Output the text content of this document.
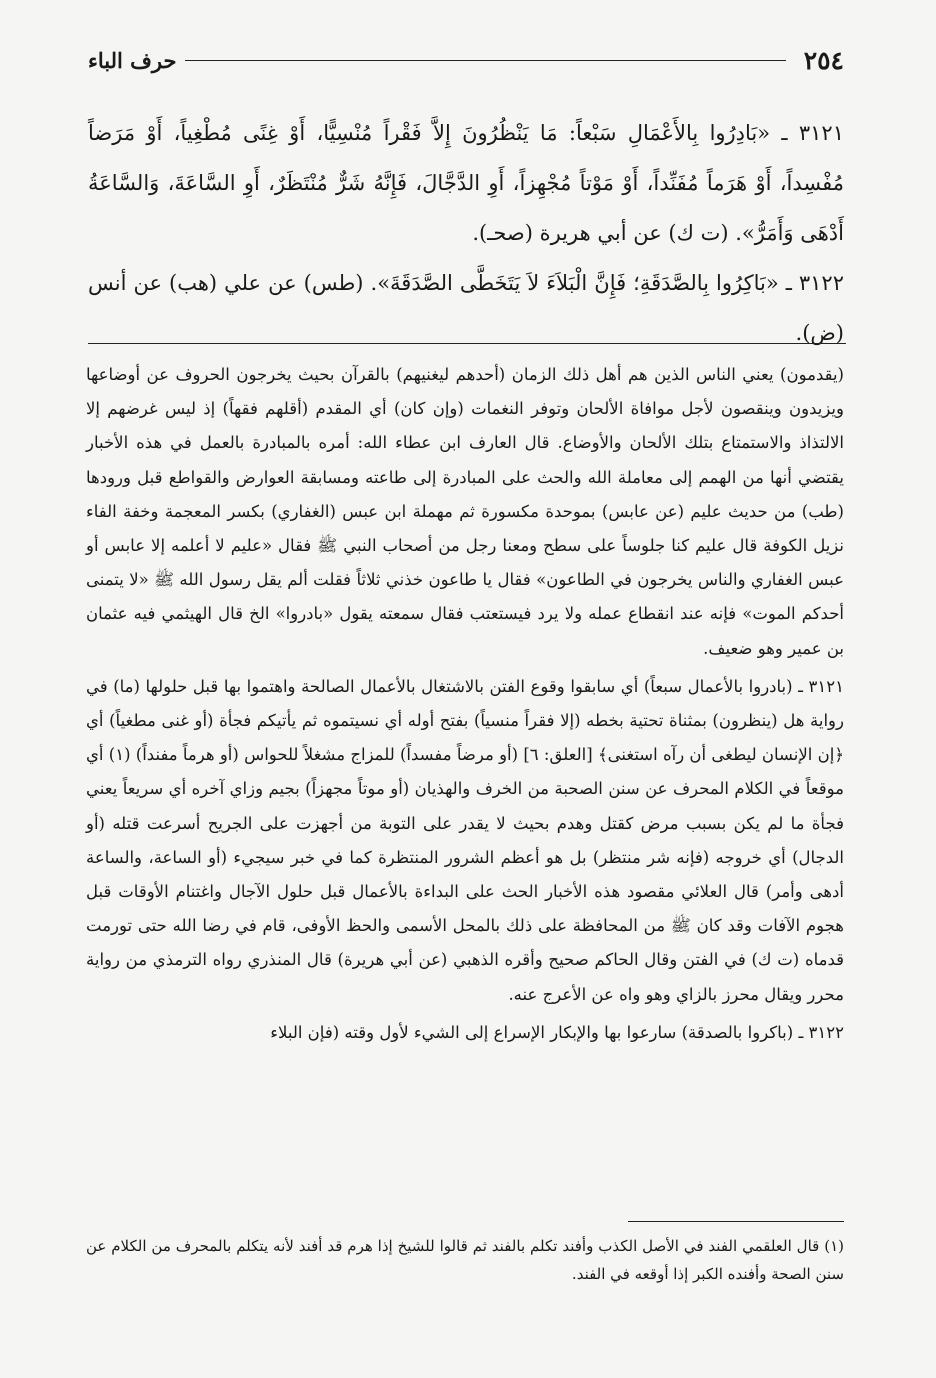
٢٥٤
حرف الباء

٣١٢١ ـ «بَادِرُوا بِالأَعْمَالِ سَبْعاً: مَا يَنْظُرُونَ إِلاَّ فَقْراً مُنْسِيًّا، أَوْ غِنًى مُطْغِياً، أَوْ مَرَضاً مُفْسِداً، أَوْ هَرَماً مُفَنِّداً، أَوْ مَوْتاً مُجْهِزاً، أَوِ الدَّجَّالَ، فَإِنَّهُ شَرٌّ مُنْتَظَرٌ، أَوِ السَّاعَةَ، وَالسَّاعَةُ أَدْهَى وَأَمَرُّ». (ت ك) عن أبي هريرة (صحـ).

٣١٢٢ ـ «بَاكِرُوا بِالصَّدَقَةِ؛ فَإِنَّ الْبَلاَءَ لاَ يَتَخَطَّى الصَّدَقَةَ». (طس) عن علي (هب) عن أنس (ض).

(يقدمون) يعني الناس الذين هم أهل ذلك الزمان (أحدهم ليغنيهم) بالقرآن بحيث يخرجون الحروف عن أوضاعها ويزيدون وينقصون لأجل موافاة الألحان وتوفر النغمات (وإن كان) أي المقدم (أقلهم فقهاً) إذ ليس غرضهم إلا الالتذاذ والاستمتاع بتلك الألحان والأوضاع. قال العارف ابن عطاء الله: أمره بالمبادرة بالعمل في هذه الأخبار يقتضي أنها من الهمم إلى معاملة الله والحث على المبادرة إلى طاعته ومسابقة العوارض والقواطع قبل ورودها (طب) من حديث عليم (عن عابس) بموحدة مكسورة ثم مهملة ابن عبس (الغفاري) بكسر المعجمة وخفة الفاء نزيل الكوفة قال عليم كنا جلوساً على سطح ومعنا رجل من أصحاب النبي ﷺ فقال «عليم لا أعلمه إلا عابس أو عبس الغفاري والناس يخرجون في الطاعون» فقال يا طاعون خذني ثلاثاً فقلت ألم يقل رسول الله ﷺ «لا يتمنى أحدكم الموت» فإنه عند انقطاع عمله ولا يرد فيستعتب فقال سمعته يقول «بادروا» الخ قال الهيثمي فيه عثمان بن عمير وهو ضعيف.

٣١٢١ ـ (بادروا بالأعمال سبعاً) أي سابقوا وقوع الفتن بالاشتغال بالأعمال الصالحة واهتموا بها قبل حلولها (ما) في رواية هل (ينظرون) بمثناة تحتية بخطه (إلا فقراً منسياً) بفتح أوله أي نسيتموه ثم يأتيكم فجأة (أو غنى مطغياً) أي ﴿إن الإنسان ليطغى أن رآه استغنى﴾ [العلق: ٦] (أو مرضاً مفسداً) للمزاج مشغلاً للحواس (أو هرماً مفنداً) (١) أي موقعاً في الكلام المحرف عن سنن الصحبة من الخرف والهذيان (أو موتاً مجهزاً) بجيم وزاي آخره أي سريعاً يعني فجأة ما لم يكن بسبب مرض كقتل وهدم بحيث لا يقدر على التوبة من أجهزت على الجريح أسرعت قتله (أو الدجال) أي خروجه (فإنه شر منتظر) بل هو أعظم الشرور المنتظرة كما في خبر سيجيء (أو الساعة، والساعة أدهى وأمر) قال العلائي مقصود هذه الأخبار الحث على البداءة بالأعمال قبل حلول الآجال واغتنام الأوقات قبل هجوم الآفات وقد كان ﷺ من المحافظة على ذلك بالمحل الأسمى والحظ الأوفى، قام في رضا الله حتى تورمت قدماه (ت ك) في الفتن وقال الحاكم صحيح وأقره الذهبي (عن أبي هريرة) قال المنذري رواه الترمذي من رواية محرر ويقال محرز بالزاي وهو واه عن الأعرج عنه.

٣١٢٢ ـ (باكروا بالصدقة) سارعوا بها والإبكار الإسراع إلى الشيء لأول وقته (فإن البلاء

(١) قال العلقمي الفند في الأصل الكذب وأفند تكلم بالفند ثم قالوا للشيخ إذا هرم قد أفند لأنه يتكلم بالمحرف من الكلام عن سنن الصحة وأفنده الكبر إذا أوقعه في الفند.
